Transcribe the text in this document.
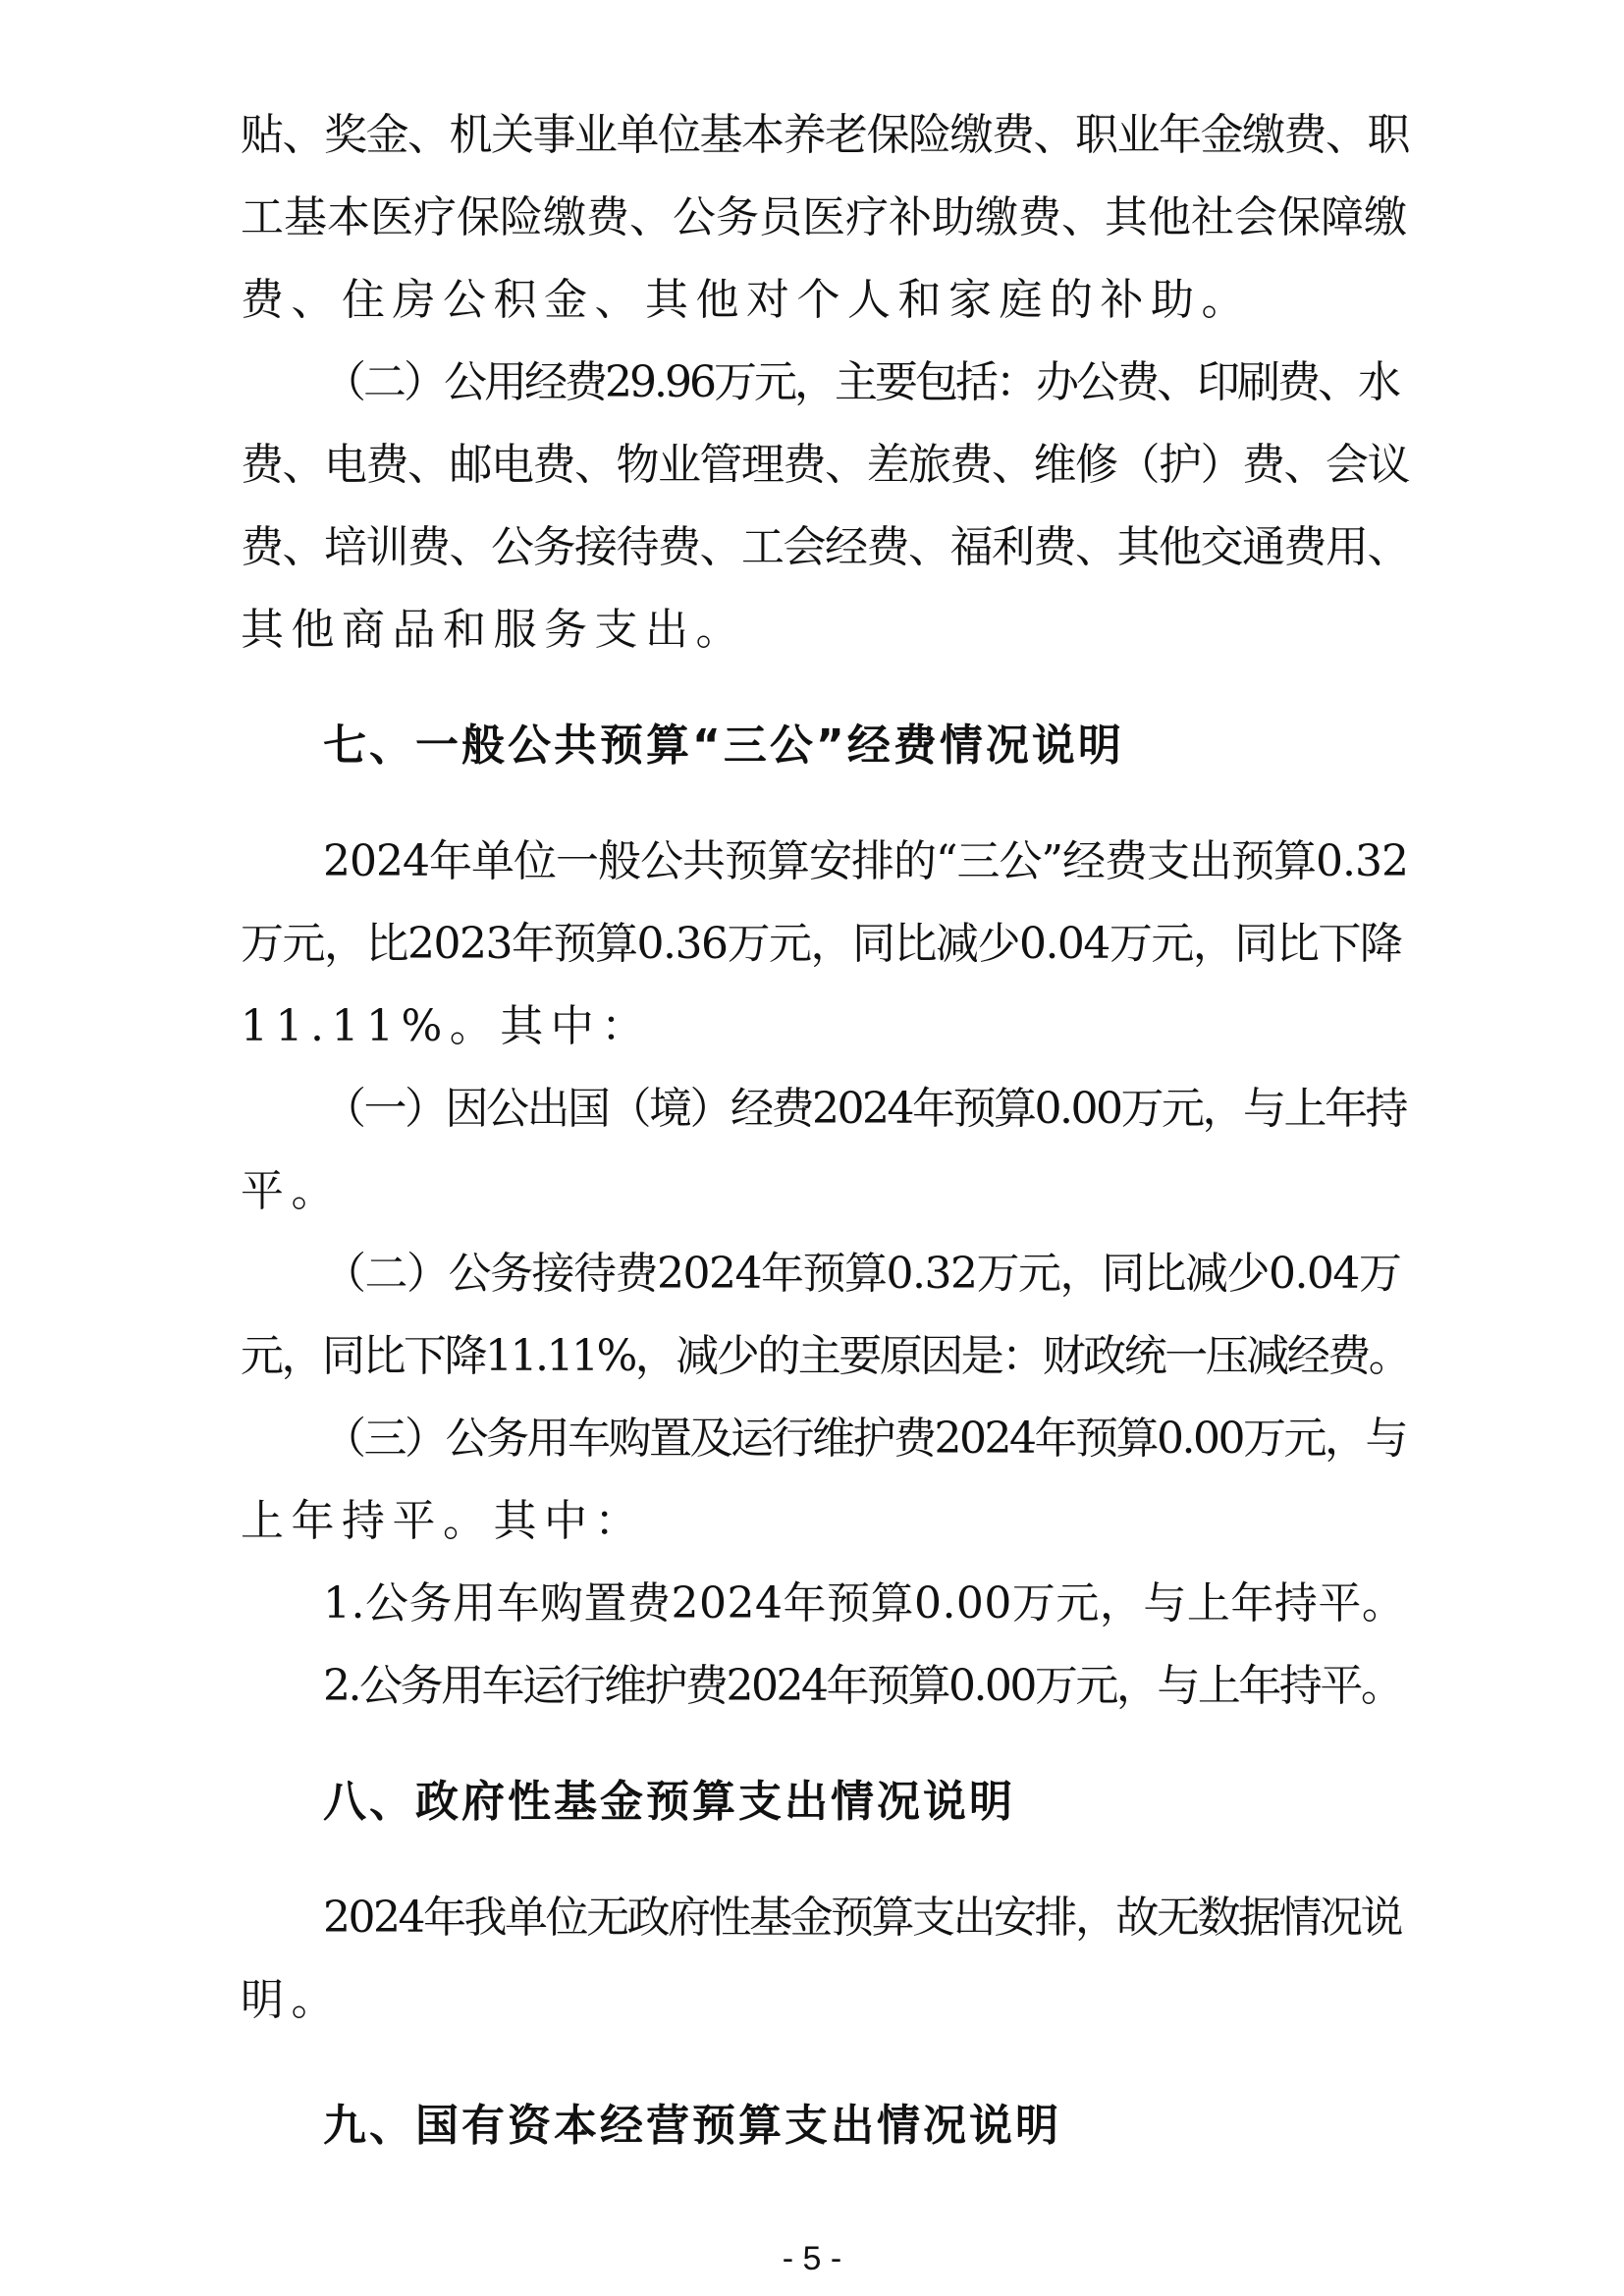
贴、奖金、机关事业单位基本养老保险缴费、职业年金缴费、职
工基本医疗保险缴费、公务员医疗补助缴费、其他社会保障缴
费、住房公积金、其他对个人和家庭的补助。
（二）公用经费29.96万元，主要包括：办公费、印刷费、水
费、电费、邮电费、物业管理费、差旅费、维修（护）费、会议
费、培训费、公务接待费、工会经费、福利费、其他交通费用、
其他商品和服务支出。
七、一般公共预算“三公”经费情况说明
2024年单位一般公共预算安排的“三公”经费支出预算0.32
万元，比2023年预算0.36万元，同比减少0.04万元，同比下降
11.11%。其中：
（一）因公出国（境）经费2024年预算0.00万元，与上年持
平。
（二）公务接待费2024年预算0.32万元，同比减少0.04万
元，同比下降11.11%，减少的主要原因是：财政统一压减经费。
（三）公务用车购置及运行维护费2024年预算0.00万元，与
上年持平。其中：
1.公务用车购置费2024年预算0.00万元，与上年持平。
2.公务用车运行维护费2024年预算0.00万元，与上年持平。
八、政府性基金预算支出情况说明
2024年我单位无政府性基金预算支出安排，故无数据情况说
明。
九、国有资本经营预算支出情况说明
- 5 -
